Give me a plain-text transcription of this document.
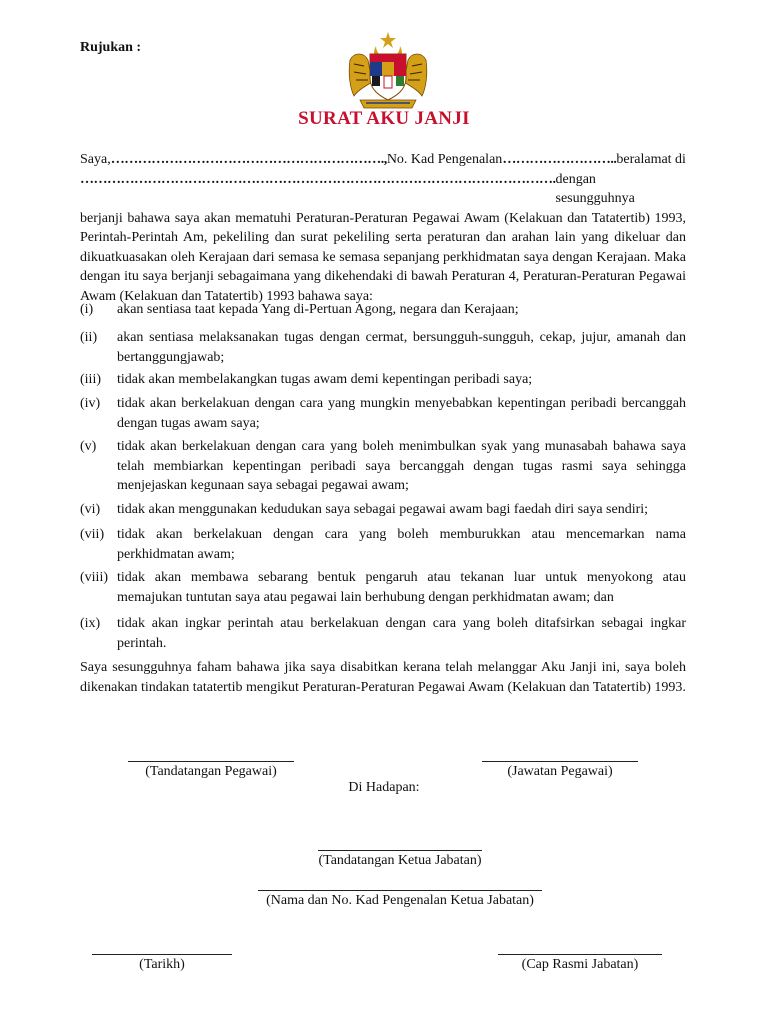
Rujukan :
SURAT AKU JANJI
Saya, ……………………………………………………., No. Kad Pengenalan …………………….. beralamat di
……………………………………………………………………………………………. dengan sesungguhnya
berjanji bahawa saya akan mematuhi Peraturan-Peraturan Pegawai Awam (Kelakuan dan Tatatertib) 1993, Perintah-Perintah Am, pekeliling dan surat pekeliling serta peraturan dan arahan lain yang dikeluar dan dikuatkuasakan oleh Kerajaan dari semasa ke semasa sepanjang perkhidmatan saya dengan Kerajaan. Maka dengan itu saya berjanji sebagaimana yang dikehendaki di bawah Peraturan 4, Peraturan-Peraturan Pegawai Awam (Kelakuan dan Tatatertib) 1993 bahawa saya:
(i)	akan sentiasa taat kepada Yang di-Pertuan Agong, negara dan Kerajaan;
(ii)	akan sentiasa melaksanakan tugas dengan cermat, bersungguh-sungguh, cekap, jujur, amanah dan bertanggungjawab;
(iii)	tidak akan membelakangkan tugas awam demi kepentingan peribadi saya;
(iv)	tidak akan berkelakuan dengan cara yang mungkin menyebabkan kepentingan peribadi bercanggah dengan tugas awam saya;
(v)	tidak akan berkelakuan dengan cara yang boleh menimbulkan syak yang munasabah bahawa saya telah membiarkan kepentingan peribadi saya bercanggah dengan tugas rasmi saya sehingga menjejaskan kegunaan saya sebagai pegawai awam;
(vi)	tidak akan menggunakan kedudukan saya sebagai pegawai awam bagi faedah diri saya sendiri;
(vii) tidak akan berkelakuan dengan cara yang boleh memburukkan atau mencemarkan nama perkhidmatan awam;
(viii) tidak akan membawa sebarang bentuk pengaruh atau tekanan luar untuk menyokong atau memajukan tuntutan saya atau pegawai lain berhubung dengan perkhidmatan awam; dan
(ix)	tidak akan ingkar perintah atau berkelakuan dengan cara yang boleh ditafsirkan sebagai ingkar perintah.
Saya sesungguhnya faham bahawa jika saya disabitkan kerana telah melanggar Aku Janji ini, saya boleh dikenakan tindakan tatatertib mengikut Peraturan-Peraturan Pegawai Awam (Kelakuan dan Tatatertib) 1993.
(Tandatangan Pegawai)	(Jawatan Pegawai)
Di Hadapan:
(Tandatangan Ketua Jabatan)
(Nama dan No. Kad Pengenalan Ketua Jabatan)
(Tarikh)	(Cap Rasmi Jabatan)
